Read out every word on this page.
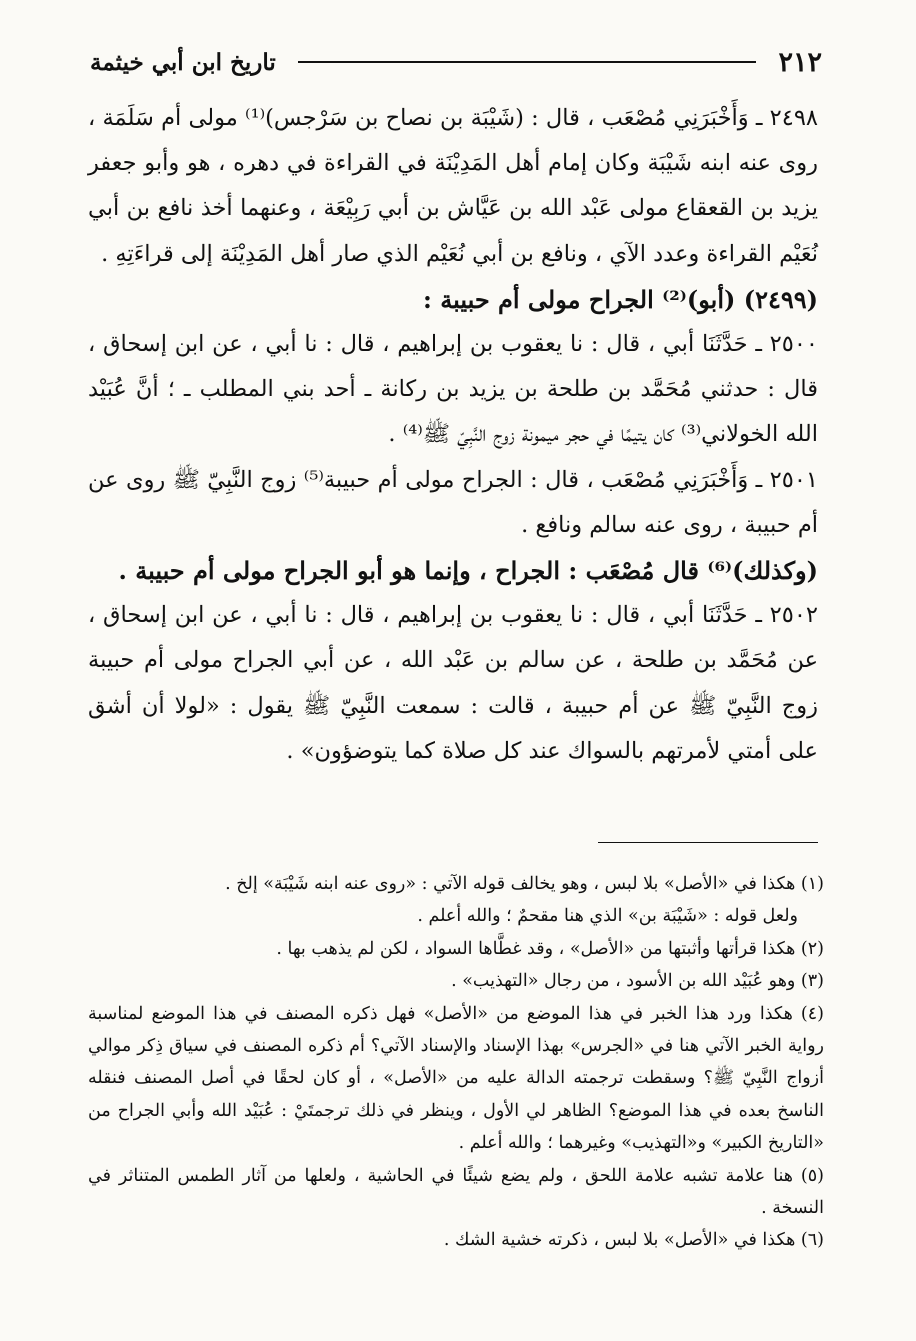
٢١٢
تاريخ ابن أبي خيثمة

٢٤٩٨ ـ وَأَخْبَرَنِي مُصْعَب ، قال : (شَيْبَة بن نصاح بن سَرْجس)⁽¹⁾ مولى أم سَلَمَة ، روى عنه ابنه شَيْبَة وكان إمام أهل المَدِيْنَة في القراءة في دهره ، هو وأبو جعفر يزيد بن القعقاع مولى عَبْد الله بن عَيَّاش بن أبي رَبِيْعَة ، وعنهما أخذ نافع بن أبي نُعَيْم القراءة وعدد الآي ، ونافع بن أبي نُعَيْم الذي صار أهل المَدِيْنَة إلى قراءَتِهِ .

(٢٤٩٩) (أبو)⁽²⁾ الجراح مولى أم حبيبة :

٢٥٠٠ ـ حَدَّثَنَا أبي ، قال : نا يعقوب بن إبراهيم ، قال : نا أبي ، عن ابن إسحاق ، قال : حدثني مُحَمَّد بن طلحة بن يزيد بن ركانة ـ أحد بني المطلب ـ ؛ أنَّ عُبَيْد الله الخولاني⁽³⁾ كان يتيمًا في حجر ميمونة زوج النَّبِيّ ﷺ⁽⁴⁾ .

٢٥٠١ ـ وَأَخْبَرَنِي مُصْعَب ، قال : الجراح مولى أم حبيبة⁽⁵⁾ زوج النَّبِيّ ﷺ روى عن أم حبيبة ، روى عنه سالم ونافع .

(وكذلك)⁽⁶⁾ قال مُصْعَب : الجراح ، وإنما هو أبو الجراح مولى أم حبيبة .

٢٥٠٢ ـ حَدَّثَنَا أبي ، قال : نا يعقوب بن إبراهيم ، قال : نا أبي ، عن ابن إسحاق ، عن مُحَمَّد بن طلحة ، عن سالم بن عَبْد الله ، عن أبي الجراح مولى أم حبيبة زوج النَّبِيّ ﷺ عن أم حبيبة ، قالت : سمعت النَّبِيّ ﷺ يقول : «لولا أن أشق على أمتي لأمرتهم بالسواك عند كل صلاة كما يتوضؤون» .

(١) هكذا في «الأصل» بلا لبس ، وهو يخالف قوله الآتي : «روى عنه ابنه شَيْبَة» إلخ .

ولعل قوله : «شَيْبَة بن» الذي هنا مقحمٌ ؛ والله أعلم .

(٢) هكذا قرأتها وأثبتها من «الأصل» ، وقد غطَّاها السواد ، لكن لم يذهب بها .

(٣) وهو عُبَيْد الله بن الأسود ، من رجال «التهذيب» .

(٤) هكذا ورد هذا الخبر في هذا الموضع من «الأصل» فهل ذكره المصنف في هذا الموضع لمناسبة رواية الخبر الآتي هنا في «الجرس» بهذا الإسناد والإسناد الآتي؟ أم ذكره المصنف في سياق ذِكر موالي أزواج النَّبِيّ ﷺ؟ وسقطت ترجمته الدالة عليه من «الأصل» ، أو كان لحقًا في أصل المصنف فنقله الناسخ بعده في هذا الموضع؟ الظاهر لي الأول ، وينظر في ذلك ترجمتَيْ : عُبَيْد الله وأبي الجراح من «التاريخ الكبير» و«التهذيب» وغيرهما ؛ والله أعلم .

(٥) هنا علامة تشبه علامة اللحق ، ولم يضع شيئًا في الحاشية ، ولعلها من آثار الطمس المتناثر في النسخة .

(٦) هكذا في «الأصل» بلا لبس ، ذكرته خشية الشك .
